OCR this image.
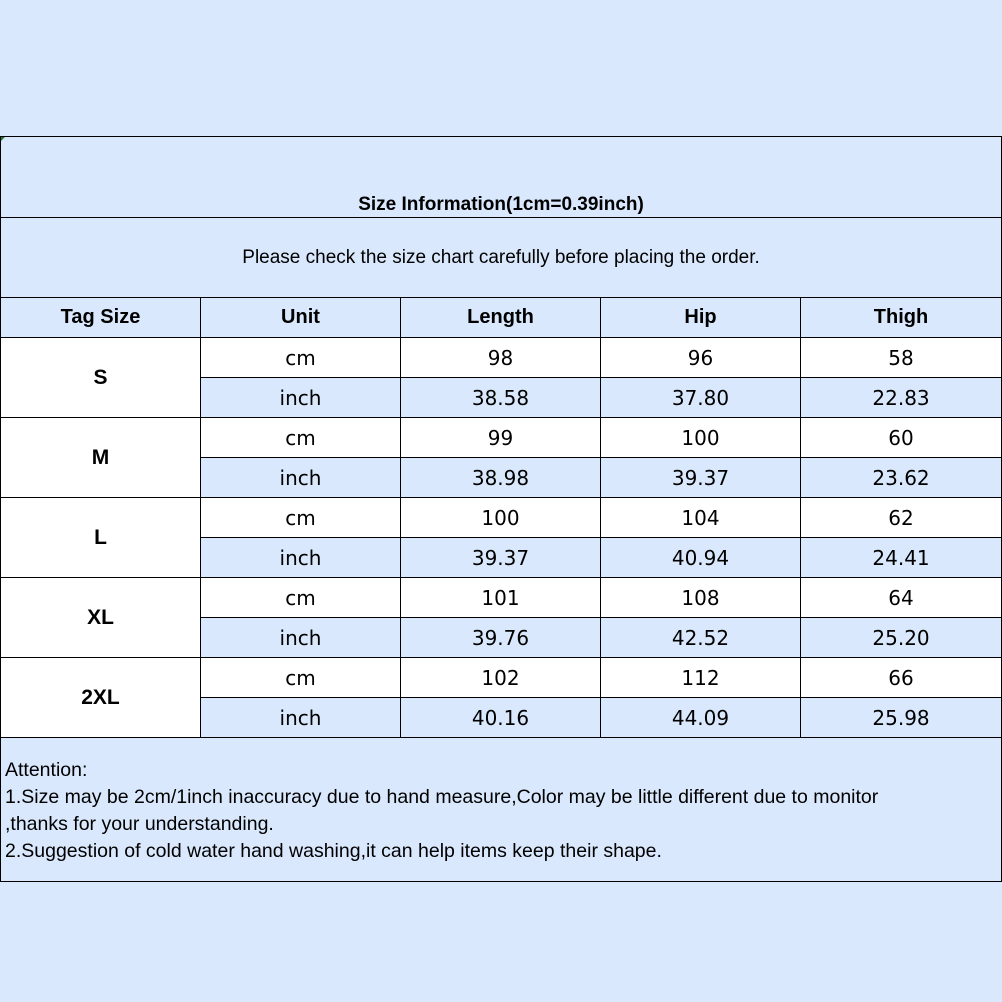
Size Information(1cm=0.39inch)				
Please check the size chart carefully before placing the order.				
Tag Size	Unit	Length	Hip	Thigh
S	cm	98	96	58
	inch	38.58	37.80	22.83
M	cm	99	100	60
	inch	38.98	39.37	23.62
L	cm	100	104	62
	inch	39.37	40.94	24.41
XL	cm	101	108	64
	inch	39.76	42.52	25.20
2XL	cm	102	112	66
	inch	40.16	44.09	25.98

Attention:
1.Size may be 2cm/1inch inaccuracy due to hand measure,Color may be little different due to monitor
,thanks for your understanding.
2.Suggestion of cold water hand washing,it can help items keep their shape.				
